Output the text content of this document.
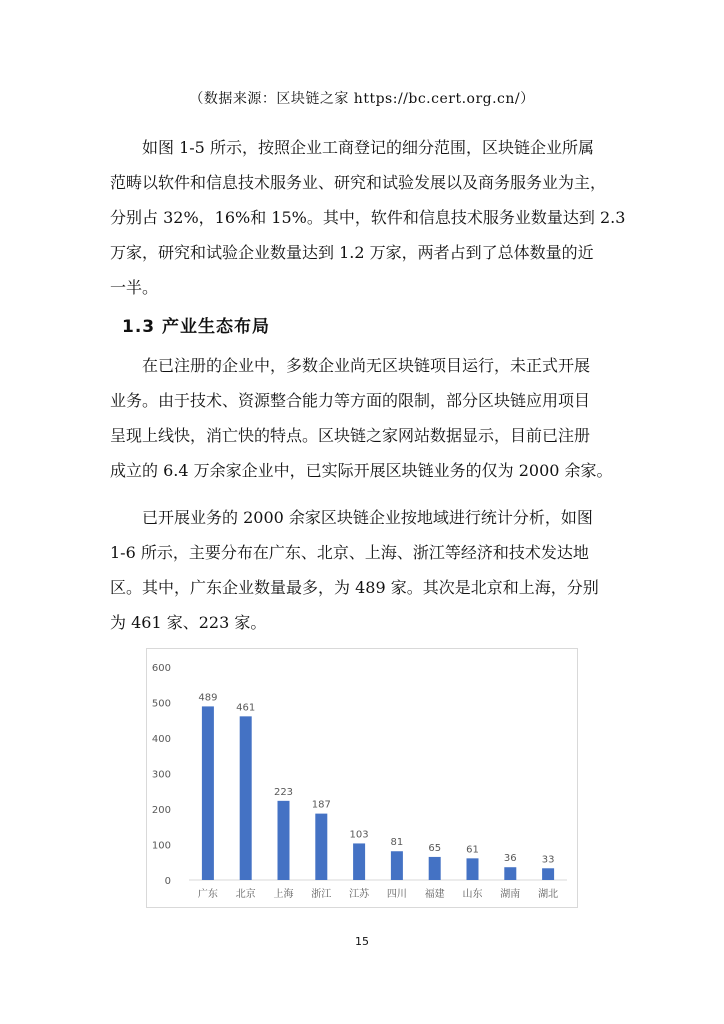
（数据来源：区块链之家 https://bc.cert.org.cn/）
如图 1-5 所示，按照企业工商登记的细分范围，区块链企业所属
范畴以软件和信息技术服务业、研究和试验发展以及商务服务业为主，
分别占 32%，16%和 15%。其中，软件和信息技术服务业数量达到 2.3
万家，研究和试验企业数量达到 1.2 万家，两者占到了总体数量的近
一半。
1.3 产业生态布局
在已注册的企业中，多数企业尚无区块链项目运行，未正式开展
业务。由于技术、资源整合能力等方面的限制，部分区块链应用项目
呈现上线快，消亡快的特点。区块链之家网站数据显示，目前已注册
成立的 6.4 万余家企业中，已实际开展区块链业务的仅为 2000 余家。
已开展业务的 2000 余家区块链企业按地域进行统计分析，如图
1-6 所示，主要分布在广东、北京、上海、浙江等经济和技术发达地
区。其中，广东企业数量最多，为 489 家。其次是北京和上海，分别
为 461 家、223 家。
0
100
200
300
400
500
600
489
广东
461
北京
223
上海
187
浙江
103
江苏
81
四川
65
福建
61
山东
36
湖南
33
湖北
15
